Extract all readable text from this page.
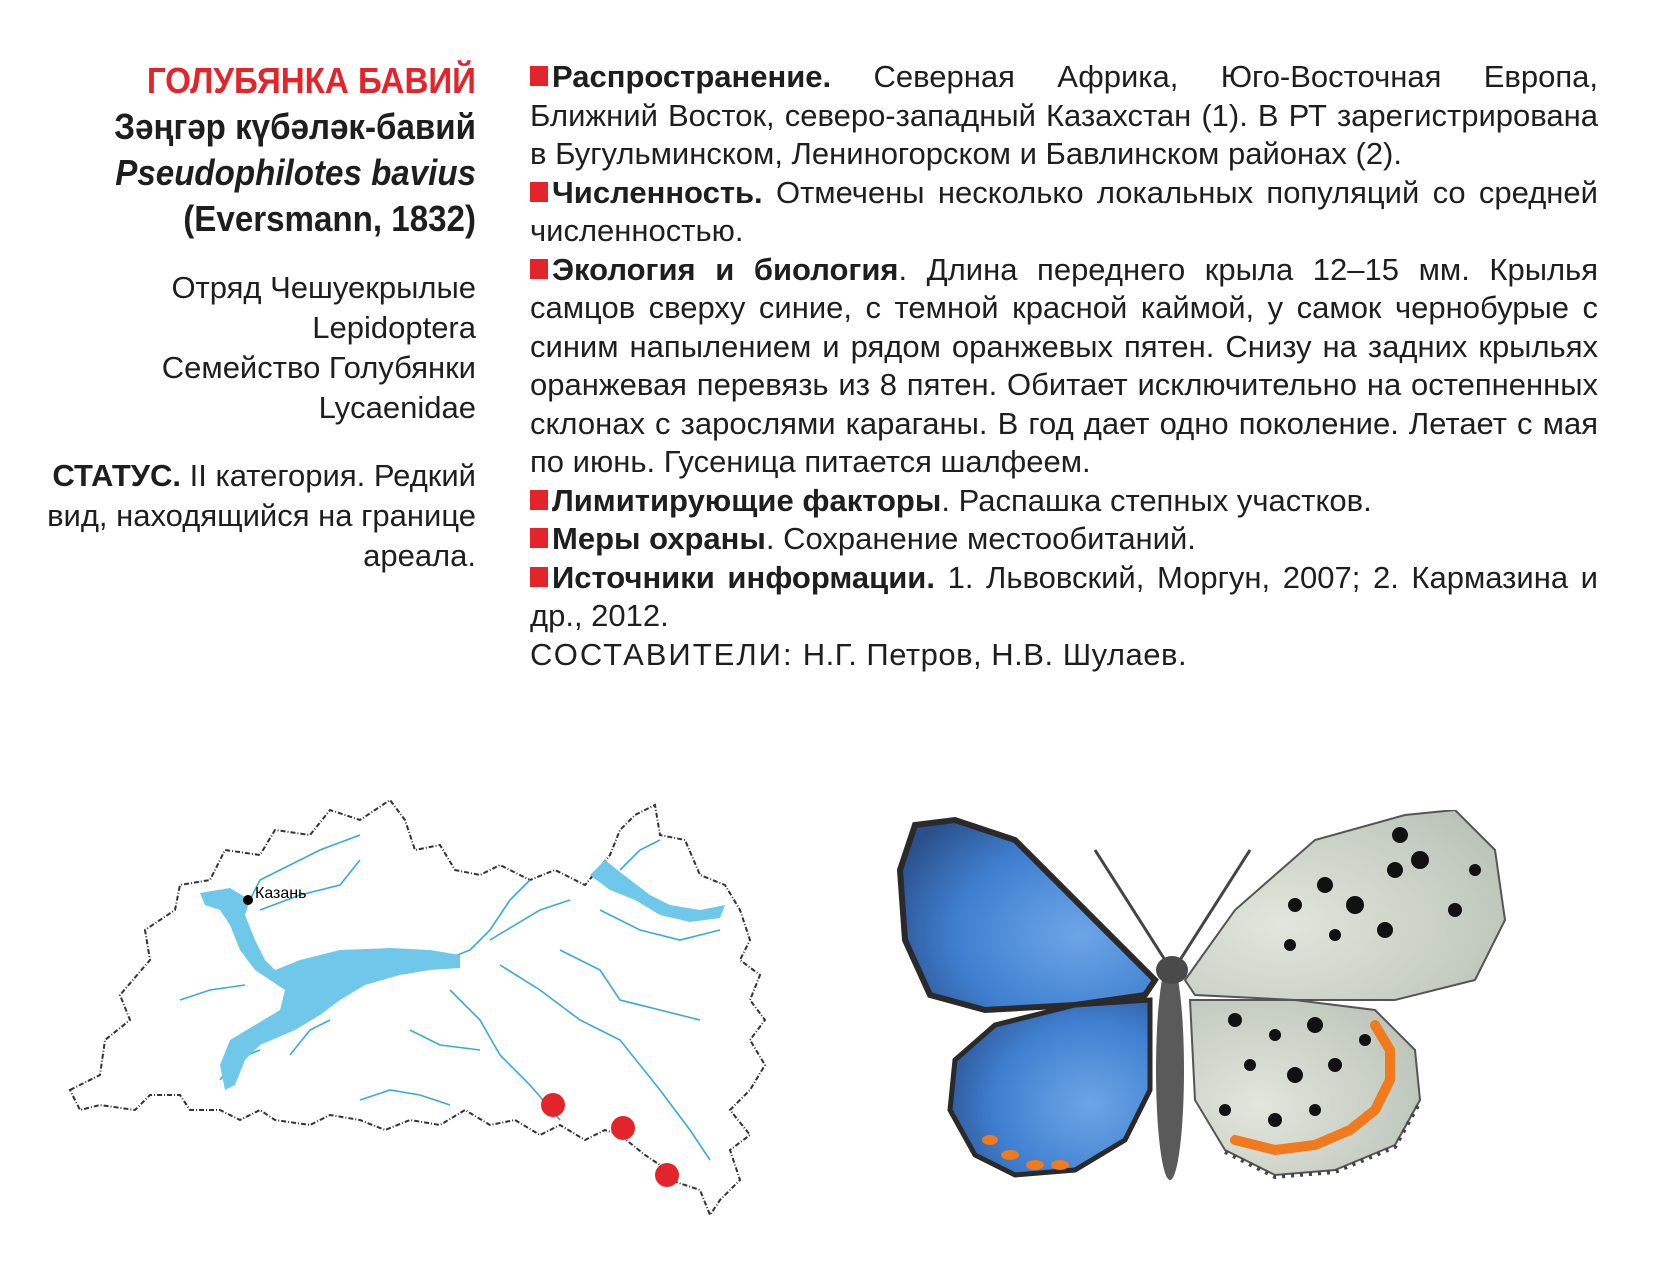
ГОЛУБЯНКА БАВИЙ
Зәңгәр күбәләк-бавий
Pseudophilotes bavius
(Eversmann, 1832)
Отряд Чешуекрылые
Lepidoptera
Семейство Голубянки
Lycaenidae
СТАТУС. II категория. Редкий вид, находящийся на границе ареала.

Распространение. Северная Африка, Юго-Восточная Европа, Ближний Восток, северо-западный Казахстан (1). В РТ зарегистрирована в Бугульминском, Лениногорском и Бавлинском районах (2).

Численность. Отмечены несколько локальных популяций со средней численностью.

Экология и биология. Длина переднего крыла 12–15 мм. Крылья самцов сверху синие, с темной красной каймой, у самок чернобурые с синим напылением и рядом оранжевых пятен. Снизу на задних крыльях оранжевая перевязь из 8 пятен. Обитает исключительно на остепненных склонах с зарослями караганы. В год дает одно поколение. Летает с мая по июнь. Гусеница питается шалфеем.

Лимитирующие факторы. Распашка степных участков.

Меры охраны. Сохранение местообитаний.

Источники информации. 1. Львовский, Моргун, 2007; 2. Кармазина и др., 2012.

СОСТАВИТЕЛИ: Н.Г. Петров, Н.В. Шулаев.

Казань
